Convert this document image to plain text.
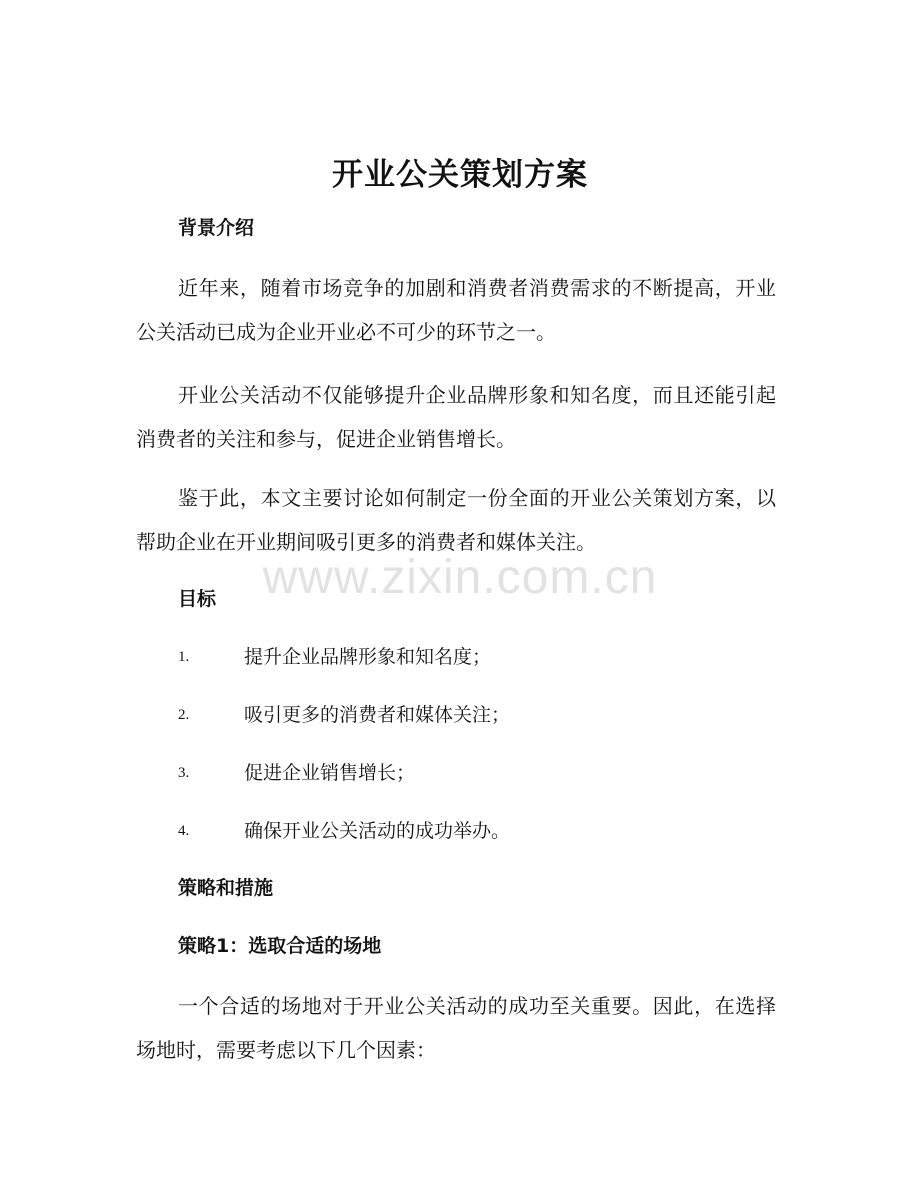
开业公关策划方案
背景介绍

近年来，随着市场竞争的加剧和消费者消费需求的不断提高，开业公关活动已成为企业开业必不可少的环节之一。

开业公关活动不仅能够提升企业品牌形象和知名度，而且还能引起消费者的关注和参与，促进企业销售增长。

鉴于此，本文主要讨论如何制定一份全面的开业公关策划方案，以帮助企业在开业期间吸引更多的消费者和媒体关注。

www.zixin.com.cn
目标
1.	提升企业品牌形象和知名度；
2.	吸引更多的消费者和媒体关注；
3.	促进企业销售增长；
4.	确保开业公关活动的成功举办。
策略和措施
策略1：选取合适的场地

一个合适的场地对于开业公关活动的成功至关重要。因此，在选择场地时，需要考虑以下几个因素：
